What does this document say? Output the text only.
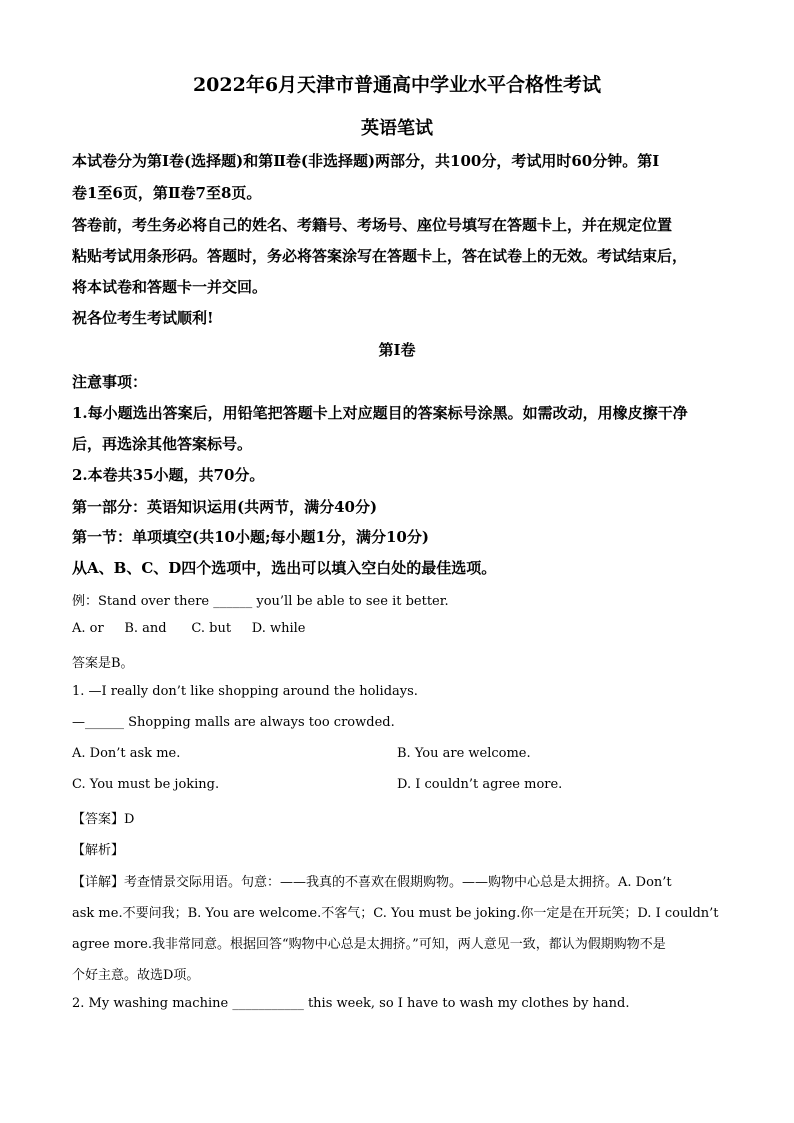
2022年6月天津市普通高中学业水平合格性考试
英语笔试
本试卷分为第Ⅰ卷(选择题)和第Ⅱ卷(非选择题)两部分，共100分，考试用时60分钟。第Ⅰ
卷1至6页，第Ⅱ卷7至8页。
答卷前，考生务必将自己的姓名、考籍号、考场号、座位号填写在答题卡上，并在规定位置
粘贴考试用条形码。答题时，务必将答案涂写在答题卡上，答在试卷上的无效。考试结束后，
将本试卷和答题卡一并交回。
祝各位考生考试顺利!
第Ⅰ卷
注意事项：
1.每小题选出答案后，用铅笔把答题卡上对应题目的答案标号涂黑。如需改动，用橡皮擦干净
后，再选涂其他答案标号。
2.本卷共35小题，共70分。
第一部分：英语知识运用(共两节，满分40分)
第一节：单项填空(共10小题;每小题1分，满分10分)
从A、B、C、D四个选项中，选出可以填入空白处的最佳选项。
例：Stand over there ______ you’ll be able to see it better.
A. or     B. and      C. but     D. while
答案是B。
1. —I really don’t like shopping around the holidays.
—______ Shopping malls are always too crowded.
A. Don’t ask me.	B. You are welcome.
C. You must be joking.	D. I couldn’t agree more.
【答案】D
【解析】
【详解】考查情景交际用语。句意：——我真的不喜欢在假期购物。——购物中心总是太拥挤。A. Don’t
ask me.不要问我；B. You are welcome.不客气；C. You must be joking.你一定是在开玩笑；D. I couldn’t
agree more.我非常同意。根据回答“购物中心总是太拥挤。”可知，两人意见一致，都认为假期购物不是
个好主意。故选D项。
2. My washing machine ___________ this week, so I have to wash my clothes by hand.
